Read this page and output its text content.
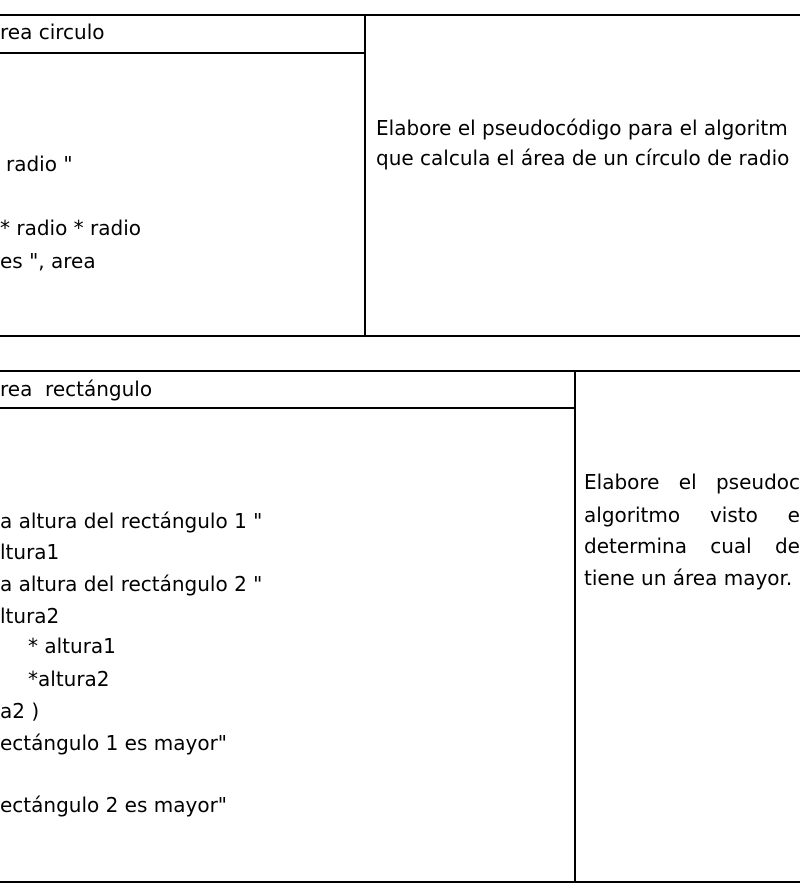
rea circulo
radio "
* radio * radio
es ", area
Elabore el pseudocódigo para el algoritm
que calcula el área de un círculo de radio
rea  rectángulo
a altura del rectángulo 1 "
ltura1
a altura del rectángulo 2 "
ltura2
* altura1
*altura2
a2 )
ectángulo 1 es mayor"
ectángulo 2 es mayor"
Elabore el pseudoc
algoritmo visto e
determina cual de
tiene un área mayor.
